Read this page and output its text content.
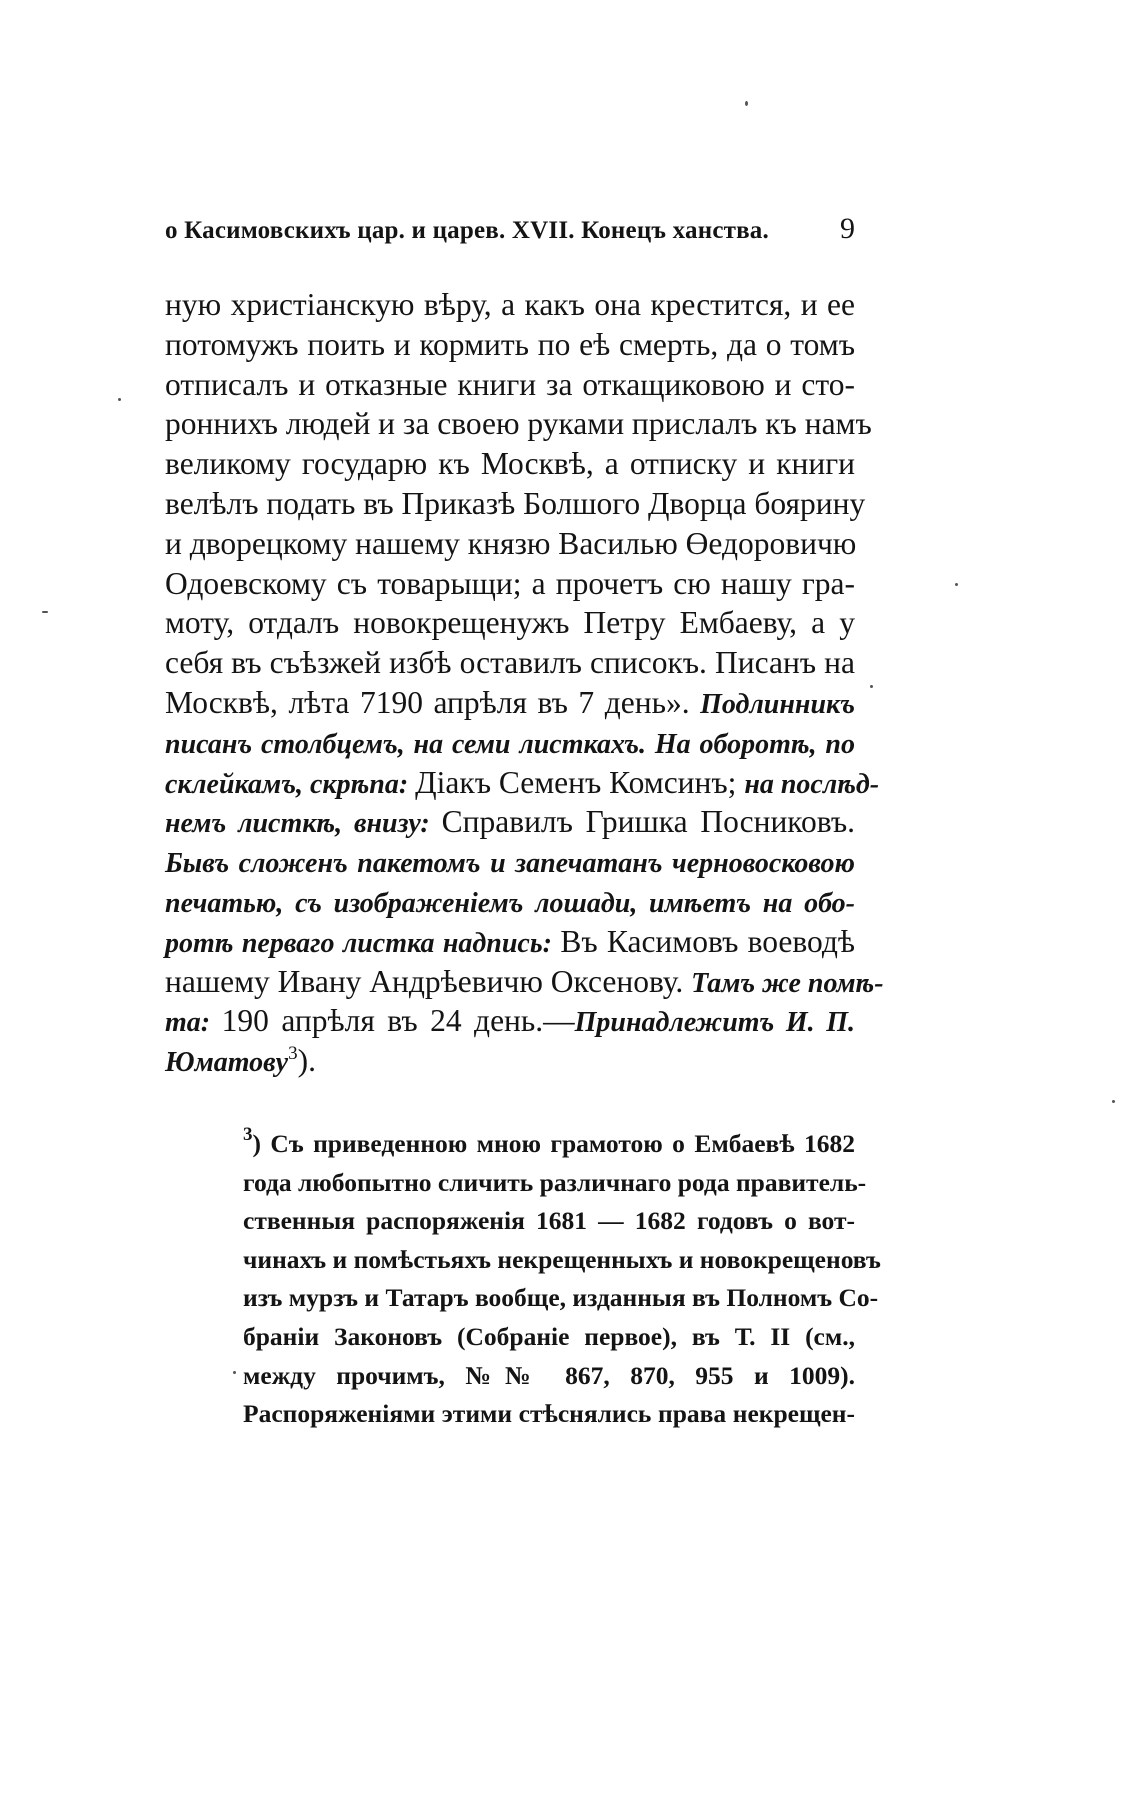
о Касимовскихъ цар. и царев. XVII. Конецъ ханства. 9
ную христiанскую вѣру, а какъ она крестится, и ее
потомужъ поить и кормить по eѣ смерть, да о томъ
отписалъ и отказные книги за откащиковою и сто-
роннихъ людей и за своею руками прислалъ къ намъ
великому государю къ Москвѣ, а отписку и книги
велѣлъ подать въ Приказѣ Болшого Дворца боярину
и дворецкому нашему князю Василью Өедоровичю
Одоевскому съ товарыщи; а прочетъ сю нашу гра-
моту, отдалъ новокрещенужъ Петру Ембаеву, а у
себя въ съѣзжей избѣ оставилъ списокъ. Писанъ на
Москвѣ, лѣта 7190 апрѣля въ 7 день». Подлинникъ
писанъ столбцемъ, на семи листкахъ. На оборотѣ, по
склейкамъ, скрѣпа: Дiакъ Семенъ Комсинъ; на послѣд-
немъ листкѣ, внизу: Справилъ Гришка Посниковъ.
Бывъ сложенъ пакетомъ и запечатанъ черновосковою
печатью, съ изображенiемъ лошади, имѣетъ на обо-
ротѣ перваго листка надпись: Въ Касимовъ воеводѣ
нашему Ивану Андрѣевичю Оксенову. Тамъ же помѣ-
та: 190 апрѣля въ 24 день.—Принадлежитъ И. П.
Юматову$^3$).
$^3$) Съ приведенною мною грамотою о Ембаевѣ 1682
года любопытно сличить различнаго рода правитель-
ственныя распоряженiя 1681 — 1682 годовъ о вот-
чинахъ и помѣстьяхъ некрещенныхъ и новокрещеновъ
изъ мурзъ и Татаръ вообще, изданныя въ Полномъ Со-
бранiи Законовъ (Собранiе первое), въ Т. II (см.,
между прочимъ, №№ 867, 870, 955 и 1009).
Распоряженiями этими стѣснялись права некрещен-
